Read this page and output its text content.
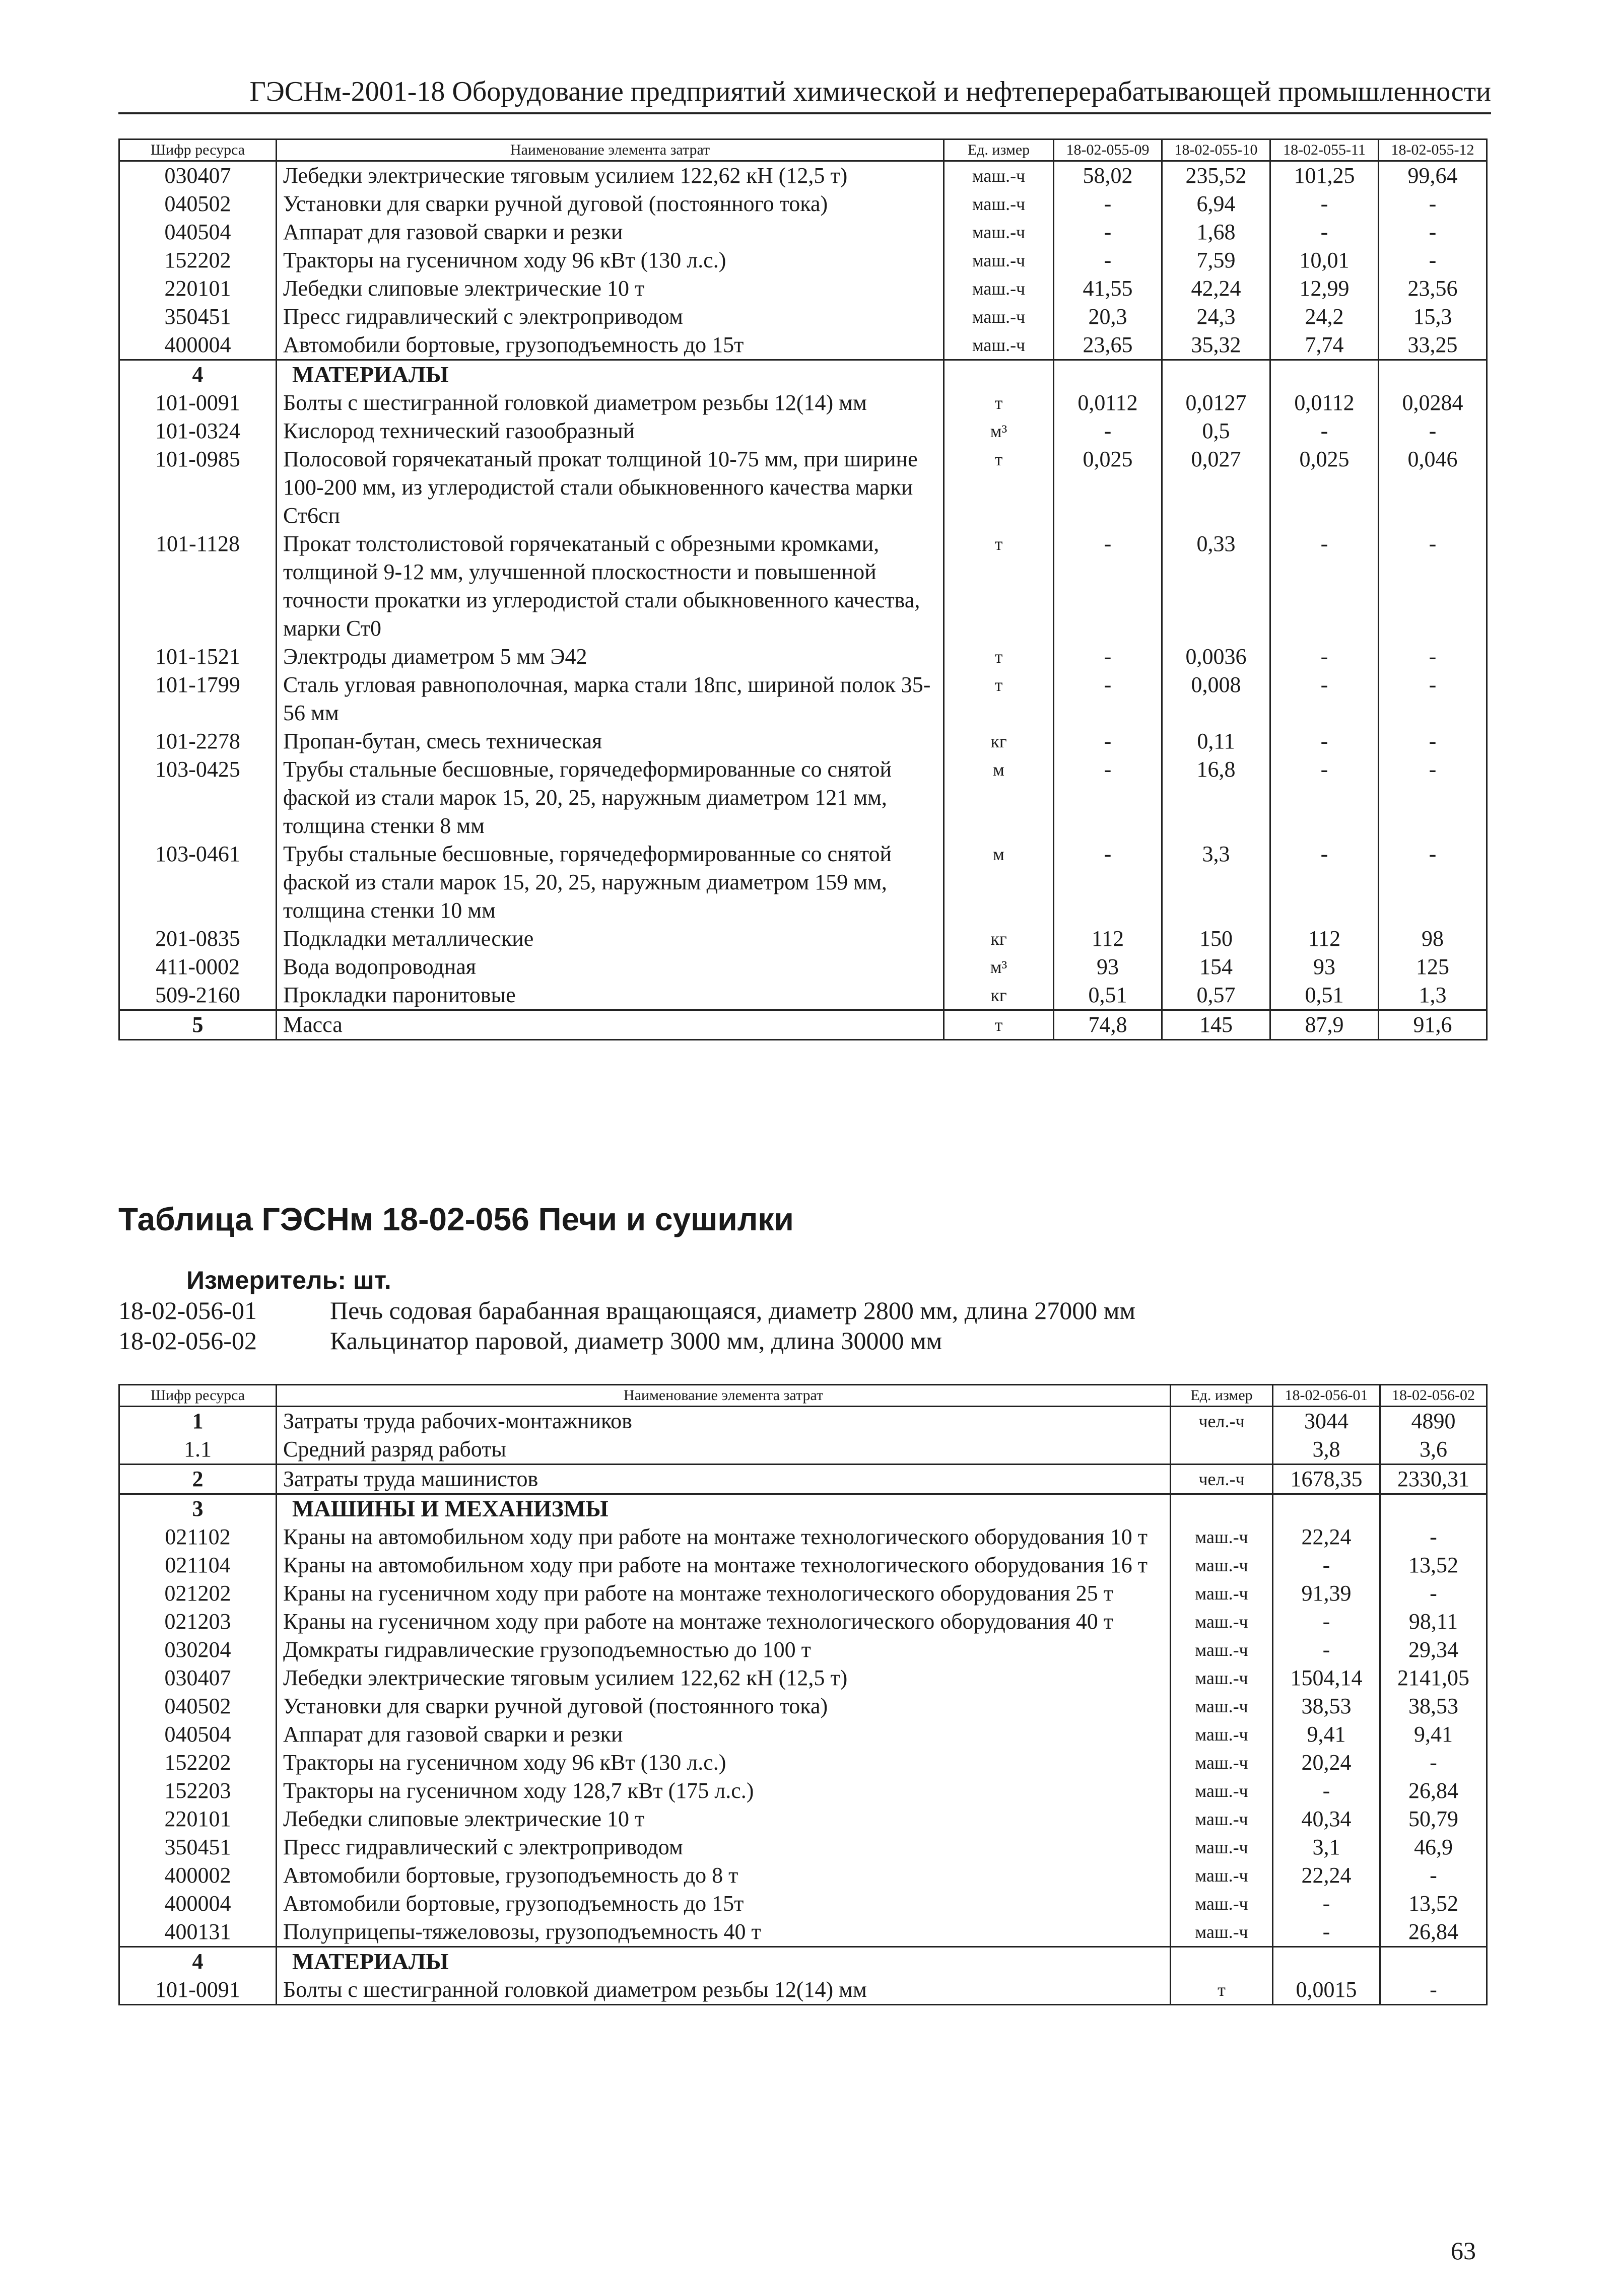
ГЭСНм-2001-18 Оборудование предприятий химической и нефтеперерабатывающей промышленности
Шифр ресурса	Наименование элемента затрат	Ед. измер	18-02-055-09	18-02-055-10	18-02-055-11	18-02-055-12
030407	Лебедки электрические тяговым усилием 122,62 кН (12,5 т)	маш.-ч	58,02	235,52	101,25	99,64
040502	Установки для сварки ручной дуговой (постоянного тока)	маш.-ч	-	6,94	-	-
040504	Аппарат для газовой сварки и резки	маш.-ч	-	1,68	-	-
152202	Тракторы на гусеничном ходу 96 кВт (130 л.с.)	маш.-ч	-	7,59	10,01	-
220101	Лебедки слиповые электрические 10 т	маш.-ч	41,55	42,24	12,99	23,56
350451	Пресс гидравлический с электроприводом	маш.-ч	20,3	24,3	24,2	15,3
400004	Автомобили бортовые, грузоподъемность до 15т	маш.-ч	23,65	35,32	7,74	33,25
4	МАТЕРИАЛЫ					
101-0091	Болты с шестигранной головкой диаметром резьбы 12(14) мм	т	0,0112	0,0127	0,0112	0,0284
101-0324	Кислород технический газообразный	м³	-	0,5	-	-
101-0985	Полосовой горячекатаный прокат толщиной 10-75 мм, при ширине 100-200 мм, из углеродистой стали обыкновенного качества марки Ст6сп	т	0,025	0,027	0,025	0,046
101-1128	Прокат толстолистовой горячекатаный с обрезными кромками, толщиной 9-12 мм, улучшенной плоскостности и повышенной точности прокатки из углеродистой стали обыкновенного качества, марки Ст0	т	-	0,33	-	-
101-1521	Электроды диаметром 5 мм Э42	т	-	0,0036	-	-
101-1799	Сталь угловая равнополочная, марка стали 18пс, шириной полок 35-56 мм	т	-	0,008	-	-
101-2278	Пропан-бутан, смесь техническая	кг	-	0,11	-	-
103-0425	Трубы стальные бесшовные, горячедеформированные со снятой фаской из стали марок 15, 20, 25, наружным диаметром 121 мм, толщина стенки 8 мм	м	-	16,8	-	-
103-0461	Трубы стальные бесшовные, горячедеформированные со снятой фаской из стали марок 15, 20, 25, наружным диаметром 159 мм, толщина стенки 10 мм	м	-	3,3	-	-
201-0835	Подкладки металлические	кг	112	150	112	98
411-0002	Вода водопроводная	м³	93	154	93	125
509-2160	Прокладки паронитовые	кг	0,51	0,57	0,51	1,3
5	Масса	т	74,8	145	87,9	91,6
Таблица ГЭСНм 18-02-056 Печи и сушилки
Измеритель: шт.
18-02-056-01	Печь содовая барабанная вращающаяся, диаметр 2800 мм, длина 27000 мм
18-02-056-02	Кальцинатор паровой, диаметр 3000 мм, длина 30000 мм
Шифр ресурса	Наименование элемента затрат	Ед. измер	18-02-056-01	18-02-056-02
1	Затраты труда рабочих-монтажников	чел.-ч	3044	4890
1.1	Средний разряд работы		3,8	3,6
2	Затраты труда машинистов	чел.-ч	1678,35	2330,31
3	МАШИНЫ И МЕХАНИЗМЫ			
021102	Краны на автомобильном ходу при работе на монтаже технологического оборудования 10 т	маш.-ч	22,24	-
021104	Краны на автомобильном ходу при работе на монтаже технологического оборудования 16 т	маш.-ч	-	13,52
021202	Краны на гусеничном ходу при работе на монтаже технологического оборудования 25 т	маш.-ч	91,39	-
021203	Краны на гусеничном ходу при работе на монтаже технологического оборудования 40 т	маш.-ч	-	98,11
030204	Домкраты гидравлические грузоподъемностью до 100 т	маш.-ч	-	29,34
030407	Лебедки электрические тяговым усилием 122,62 кН (12,5 т)	маш.-ч	1504,14	2141,05
040502	Установки для сварки ручной дуговой (постоянного тока)	маш.-ч	38,53	38,53
040504	Аппарат для газовой сварки и резки	маш.-ч	9,41	9,41
152202	Тракторы на гусеничном ходу 96 кВт (130 л.с.)	маш.-ч	20,24	-
152203	Тракторы на гусеничном ходу 128,7 кВт (175 л.с.)	маш.-ч	-	26,84
220101	Лебедки слиповые электрические 10 т	маш.-ч	40,34	50,79
350451	Пресс гидравлический с электроприводом	маш.-ч	3,1	46,9
400002	Автомобили бортовые, грузоподъемность до 8 т	маш.-ч	22,24	-
400004	Автомобили бортовые, грузоподъемность до 15т	маш.-ч	-	13,52
400131	Полуприцепы-тяжеловозы, грузоподъемность 40 т	маш.-ч	-	26,84
4	МАТЕРИАЛЫ			
101-0091	Болты с шестигранной головкой диаметром резьбы 12(14) мм	т	0,0015	-
63
